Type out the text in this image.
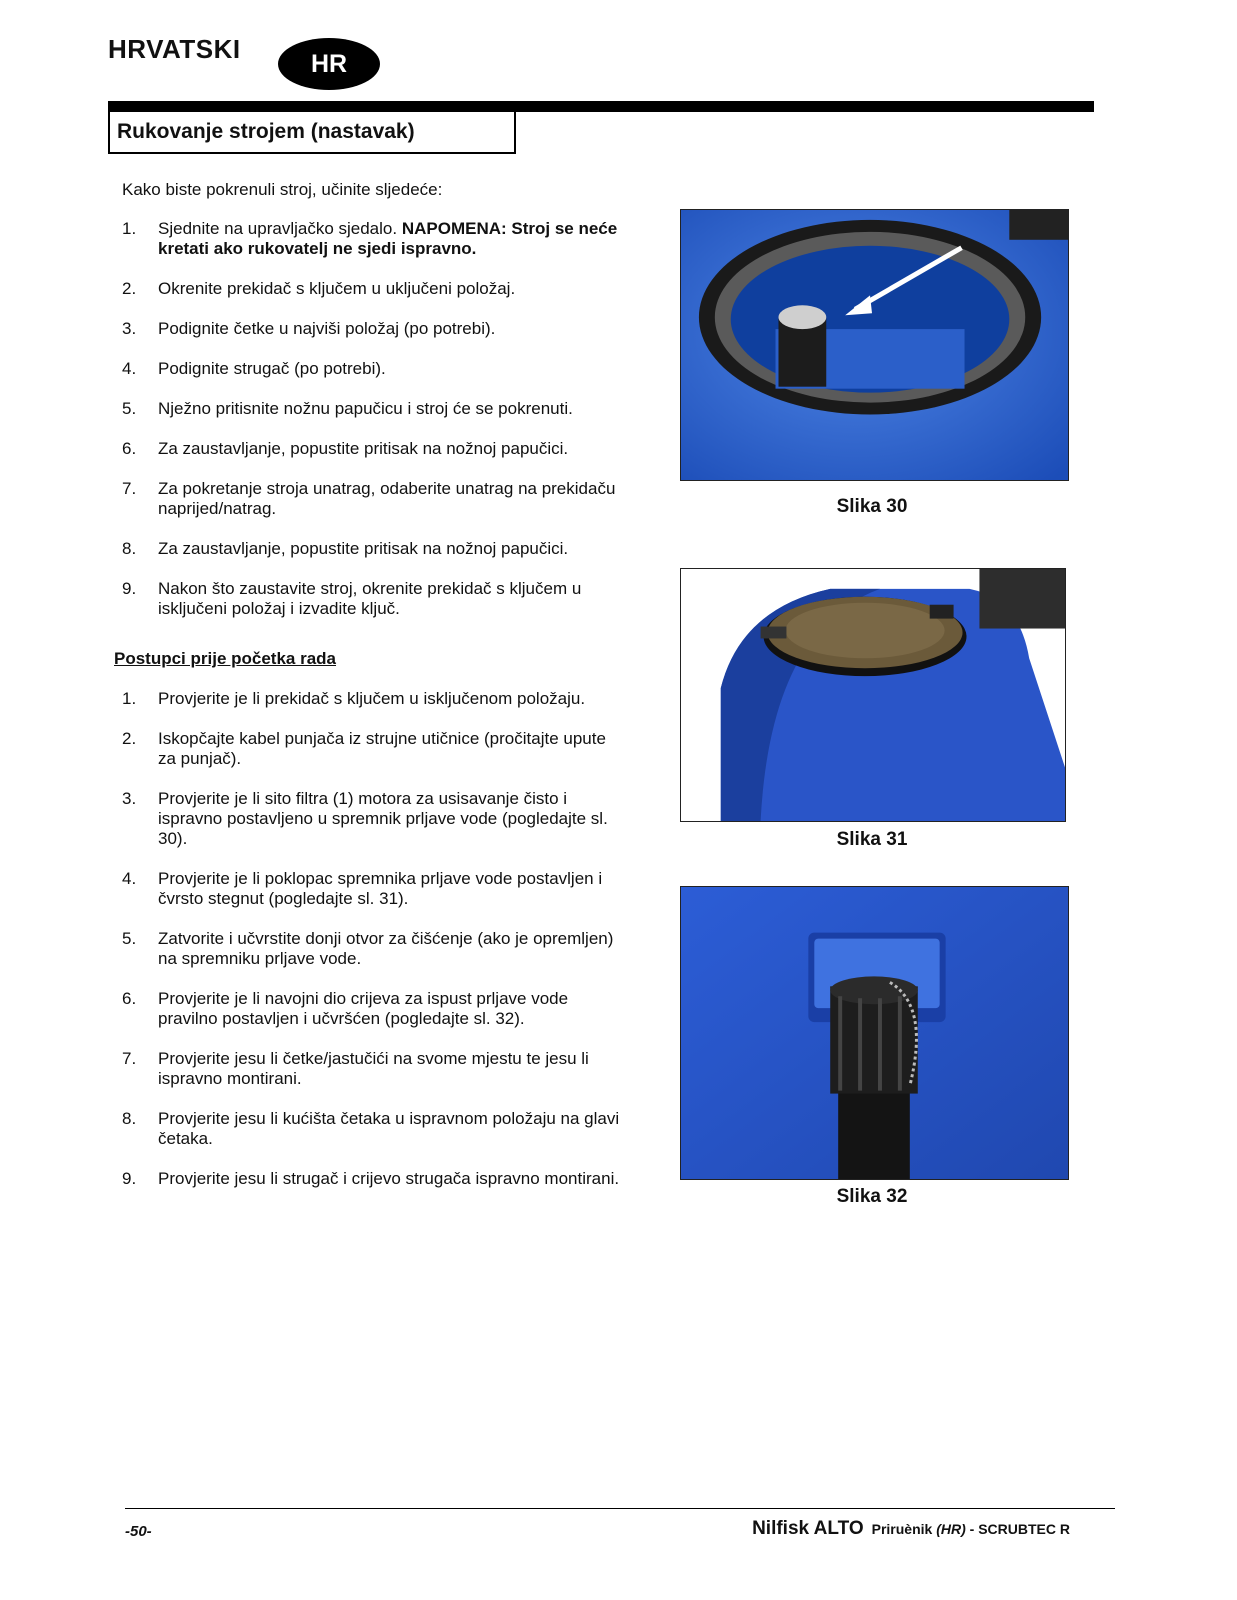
HRVATSKI	HR
Rukovanje strojem (nastavak)

Kako biste pokrenuli stroj, učinite sljedeće:

1. Sjednite na upravljačko sjedalo. NAPOMENA: Stroj se neće kretati ako rukovatelj ne sjedi ispravno.
2. Okrenite prekidač s ključem u uključeni položaj.
3. Podignite četke u najviši položaj (po potrebi).
4. Podignite strugač (po potrebi).
5. Nježno pritisnite nožnu papučicu i stroj će se pokrenuti.
6. Za zaustavljanje, popustite pritisak na nožnoj papučici.
7. Za pokretanje stroja unatrag, odaberite unatrag na prekidaču naprijed/natrag.
8. Za zaustavljanje, popustite pritisak na nožnoj papučici.
9. Nakon što zaustavite stroj, okrenite prekidač s ključem u isključeni položaj i izvadite ključ.
Postupci prije početka rada
1. Provjerite je li prekidač s ključem u isključenom položaju.
2. Iskopčajte kabel punjača iz strujne utičnice (pročitajte upute za punjač).
3. Provjerite je li sito filtra (1) motora za usisavanje čisto i ispravno postavljeno u spremnik prljave vode (pogledajte sl. 30).
4. Provjerite je li poklopac spremnika prljave vode postavljen i čvrsto stegnut (pogledajte sl. 31).
5. Zatvorite i učvrstite donji otvor za čišćenje (ako je opremljen) na spremniku prljave vode.
6. Provjerite je li navojni dio crijeva za ispust prljave vode pravilno postavljen i učvršćen (pogledajte sl. 32).
7. Provjerite jesu li četke/jastučići na svome mjestu te jesu li ispravno montirani.
8. Provjerite jesu li kućišta četaka u ispravnom položaju na glavi četaka.
9. Provjerite jesu li strugač i crijevo strugača ispravno montirani.
Slika 30
Slika 31
Slika 32
-50-	Nilfisk ALTO Priruènik (HR) - SCRUBTEC R
